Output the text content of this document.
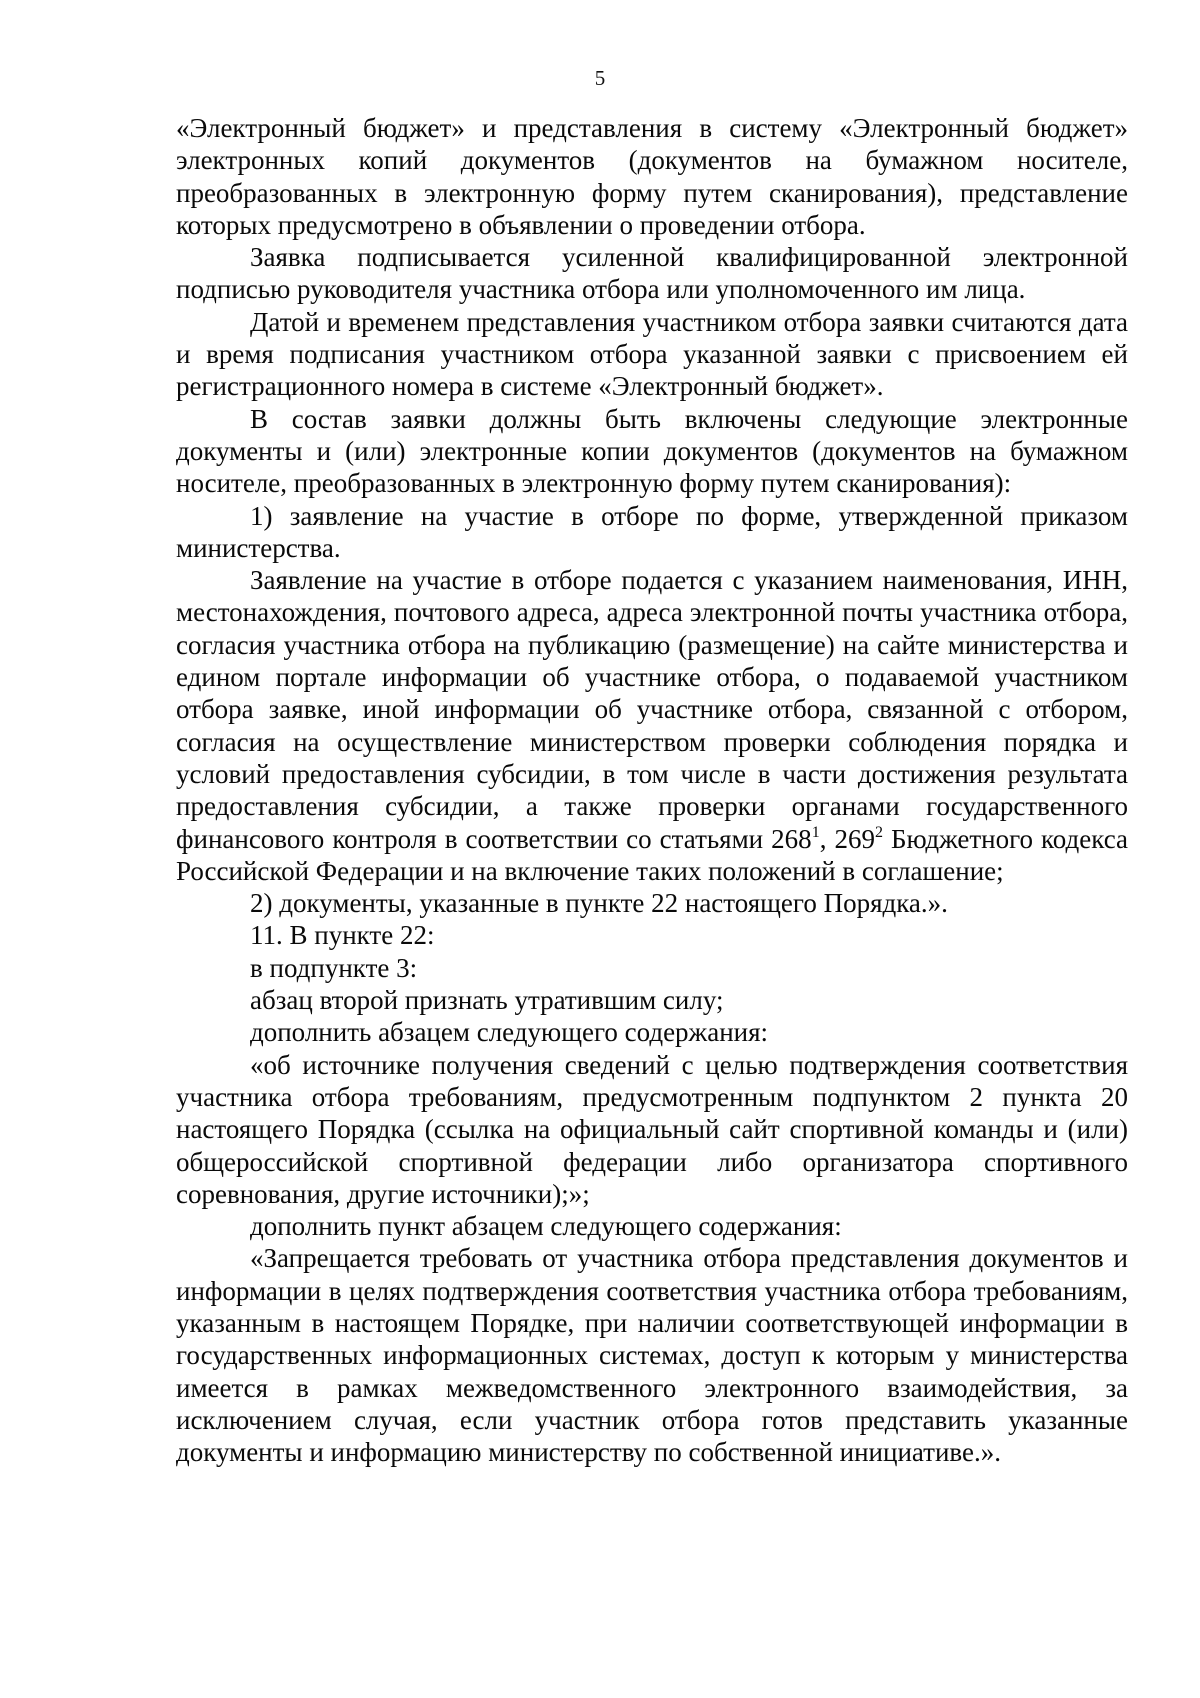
5

«Электронный бюджет» и представления в систему «Электронный бюджет» электронных копий документов (документов на бумажном носителе, преобразованных в электронную форму путем сканирования), представление которых предусмотрено в объявлении о проведении отбора.

Заявка подписывается усиленной квалифицированной электронной подписью руководителя участника отбора или уполномоченного им лица.

Датой и временем представления участником отбора заявки считаются дата и время подписания участником отбора указанной заявки с присвоением ей регистрационного номера в системе «Электронный бюджет».

В состав заявки должны быть включены следующие электронные документы и (или) электронные копии документов (документов на бумажном носителе, преобразованных в электронную форму путем сканирования):

1) заявление на участие в отборе по форме, утвержденной приказом министерства.

Заявление на участие в отборе подается с указанием наименования, ИНН, местонахождения, почтового адреса, адреса электронной почты участника отбора, согласия участника отбора на публикацию (размещение) на сайте министерства и едином портале информации об участнике отбора, о подаваемой участником отбора заявке, иной информации об участнике отбора, связанной с отбором, согласия на осуществление министерством проверки соблюдения порядка и условий предоставления субсидии, в том числе в части достижения результата предоставления субсидии, а также проверки органами государственного финансового контроля в соответствии со статьями $268^1$, $269^2$ Бюджетного кодекса Российской Федерации и на включение таких положений в соглашение;

2) документы, указанные в пункте 22 настоящего Порядка.».

11. В пункте 22:

в подпункте 3:

абзац второй признать утратившим силу;

дополнить абзацем следующего содержания:

«об источнике получения сведений с целью подтверждения соответствия участника отбора требованиям, предусмотренным подпунктом 2 пункта 20 настоящего Порядка (ссылка на официальный сайт спортивной команды и (или) общероссийской спортивной федерации либо организатора спортивного соревнования, другие источники);»;

дополнить пункт абзацем следующего содержания:

«Запрещается требовать от участника отбора представления документов и информации в целях подтверждения соответствия участника отбора требованиям, указанным в настоящем Порядке, при наличии соответствующей информации в государственных информационных системах, доступ к которым у министерства имеется в рамках межведомственного электронного взаимодействия, за исключением случая, если участник отбора готов представить указанные документы и информацию министерству по собственной инициативе.».
